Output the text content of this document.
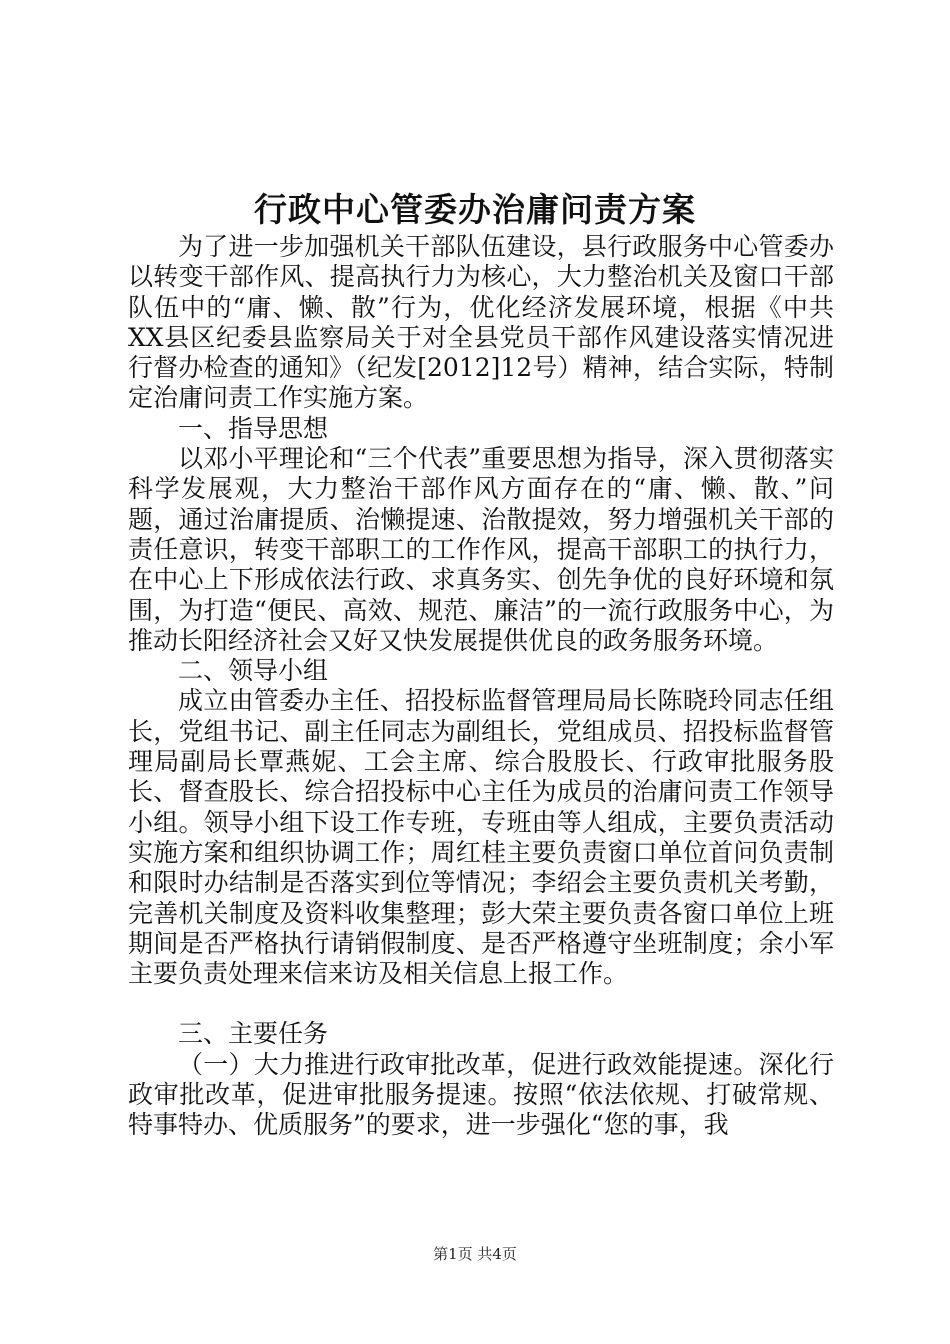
行政中心管委办治庸问责方案

为了进一步加强机关干部队伍建设，县行政服务中心管委办以转变干部作风、提高执行力为核心，大力整治机关及窗口干部队伍中的“庸、懒、散”行为，优化经济发展环境，根据《中共XX县区纪委县监察局关于对全县党员干部作风建设落实情况进行督办检查的通知》（纪发[2012]12号）精神，结合实际，特制定治庸问责工作实施方案。

一、指导思想

以邓小平理论和“三个代表”重要思想为指导，深入贯彻落实科学发展观，大力整治干部作风方面存在的“庸、懒、散、”问题，通过治庸提质、治懒提速、治散提效，努力增强机关干部的责任意识，转变干部职工的工作作风，提高干部职工的执行力，在中心上下形成依法行政、求真务实、创先争优的良好环境和氛围，为打造“便民、高效、规范、廉洁”的一流行政服务中心，为推动长阳经济社会又好又快发展提供优良的政务服务环境。

二、领导小组

成立由管委办主任、招投标监督管理局局长陈晓玲同志任组长，党组书记、副主任同志为副组长，党组成员、招投标监督管理局副局长覃燕妮、工会主席、综合股股长、行政审批服务股长、督查股长、综合招投标中心主任为成员的治庸问责工作领导小组。领导小组下设工作专班，专班由等人组成，主要负责活动实施方案和组织协调工作；周红桂主要负责窗口单位首问负责制和限时办结制是否落实到位等情况；李绍会主要负责机关考勤，完善机关制度及资料收集整理；彭大荣主要负责各窗口单位上班期间是否严格执行请销假制度、是否严格遵守坐班制度；余小军主要负责处理来信来访及相关信息上报工作。

三、主要任务

（一）大力推进行政审批改革，促进行政效能提速。深化行政审批改革，促进审批服务提速。按照“依法依规、打破常规、特事特办、优质服务”的要求，进一步强化“您的事，我

第1页 共4页
